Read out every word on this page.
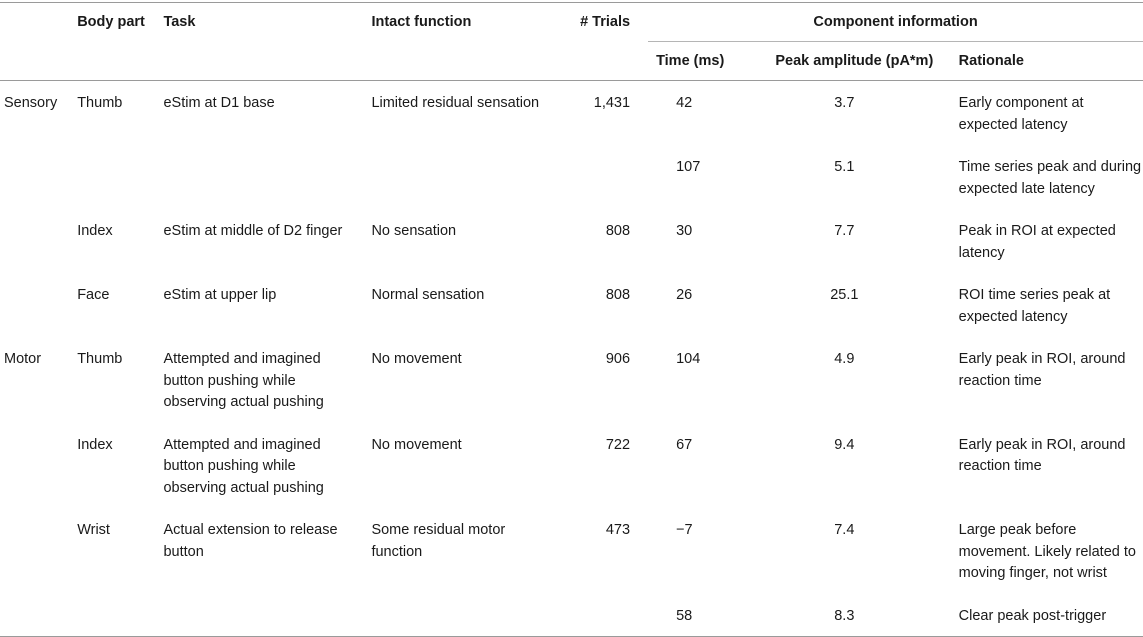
	Body part	Task	Intact function	# Trials	Component information		
					Time (ms)	Peak amplitude (pA*m)	Rationale
Sensory	Thumb	eStim at D1 base	Limited residual sensation	1,431	42	3.7	Early component at expected latency
					107	5.1	Time series peak and during expected late latency
	Index	eStim at middle of D2 finger	No sensation	808	30	7.7	Peak in ROI at expected latency
	Face	eStim at upper lip	Normal sensation	808	26	25.1	ROI time series peak at expected latency
Motor	Thumb	Attempted and imagined button pushing while observing actual pushing	No movement	906	104	4.9	Early peak in ROI, around reaction time
	Index	Attempted and imagined button pushing while observing actual pushing	No movement	722	67	9.4	Early peak in ROI, around reaction time
	Wrist	Actual extension to release button	Some residual motor function	473	−7	7.4	Large peak before movement. Likely related to moving finger, not wrist
					58	8.3	Clear peak post-trigger
